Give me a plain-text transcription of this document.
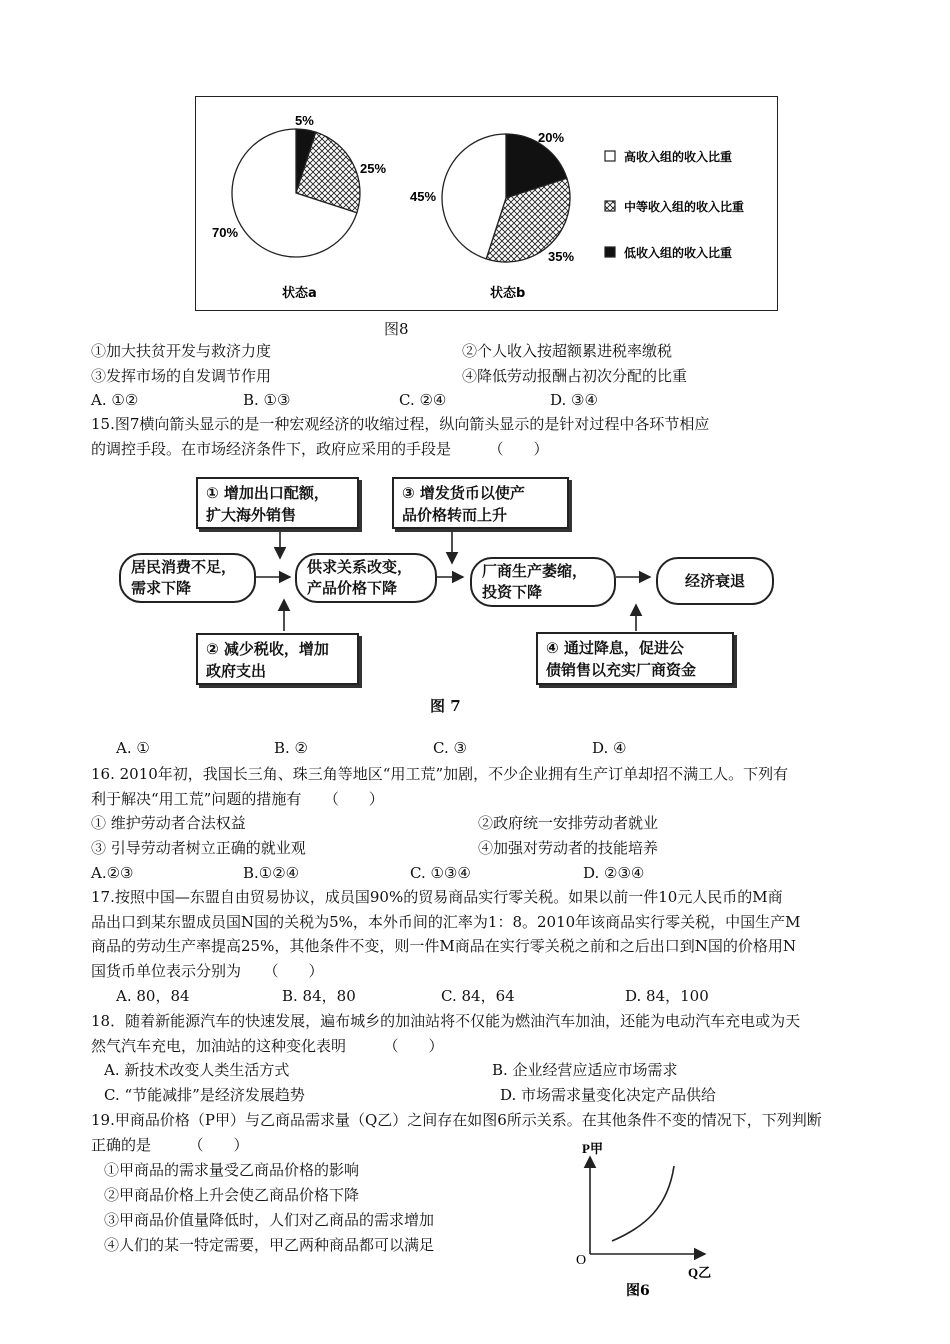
5%
25%
70%
20%
45%
35%
高收入组的收入比重
中等收入组的收入比重
低收入组的收入比重
状态a	状态b
图8
①加大扶贫开发与救济力度	②个人收入按超额累进税率缴税
③发挥市场的自发调节作用	④降低劳动报酬占初次分配的比重
A. ①②	B. ①③	C. ②④	D. ③④
15.图7横向箭头显示的是一种宏观经济的收缩过程，纵向箭头显示的是针对过程中各环节相应
的调控手段。在市场经济条件下，政府应采用的手段是　　　（　　）
① 增加出口配额，
扩大海外销售
③ 增发货币以使产
品价格转而上升
居民消费不足，
需求下降
供求关系改变，
产品价格下降
厂商生产萎缩，
投资下降
经济衰退
② 减少税收，增加
政府支出
④ 通过降息，促进公
债销售以充实厂商资金
图 7
A. ①	B. ②	C. ③	D. ④
16. 2010年初，我国长三角、珠三角等地区“用工荒”加剧，不少企业拥有生产订单却招不满工人。下列有
利于解决“用工荒”问题的措施有　　（　　）
① 维护劳动者合法权益	②政府统一安排劳动者就业
③ 引导劳动者树立正确的就业观	④加强对劳动者的技能培养
A.②③	B.①②④	C. ①③④	D. ②③④
17.按照中国—东盟自由贸易协议，成员国90%的贸易商品实行零关税。如果以前一件10元人民币的M商
品出口到某东盟成员国N国的关税为5%，本外币间的汇率为1：8。2010年该商品实行零关税，中国生产M
商品的劳动生产率提高25%，其他条件不变，则一件M商品在实行零关税之前和之后出口到N国的价格用N
国货币单位表示分别为　　（　　）
A. 80，84	B. 84，80	C. 84，64	D. 84，100
18．随着新能源汽车的快速发展，遍布城乡的加油站将不仅能为燃油汽车加油，还能为电动汽车充电或为天
然气汽车充电，加油站的这种变化表明　　　（　　）
A. 新技术改变人类生活方式	B. 企业经营应适应市场需求
C. “节能减排”是经济发展趋势	D. 市场需求量变化决定产品供给
19.甲商品价格（P甲）与乙商品需求量（Q乙）之间存在如图6所示关系。在其他条件不变的情况下，下列判断
正确的是　　　（　　）
①甲商品的需求量受乙商品价格的影响
②甲商品价格上升会使乙商品价格下降
③甲商品价值量降低时，人们对乙商品的需求增加
④人们的某一特定需要，甲乙两种商品都可以满足
O
P甲
Q乙
图6
